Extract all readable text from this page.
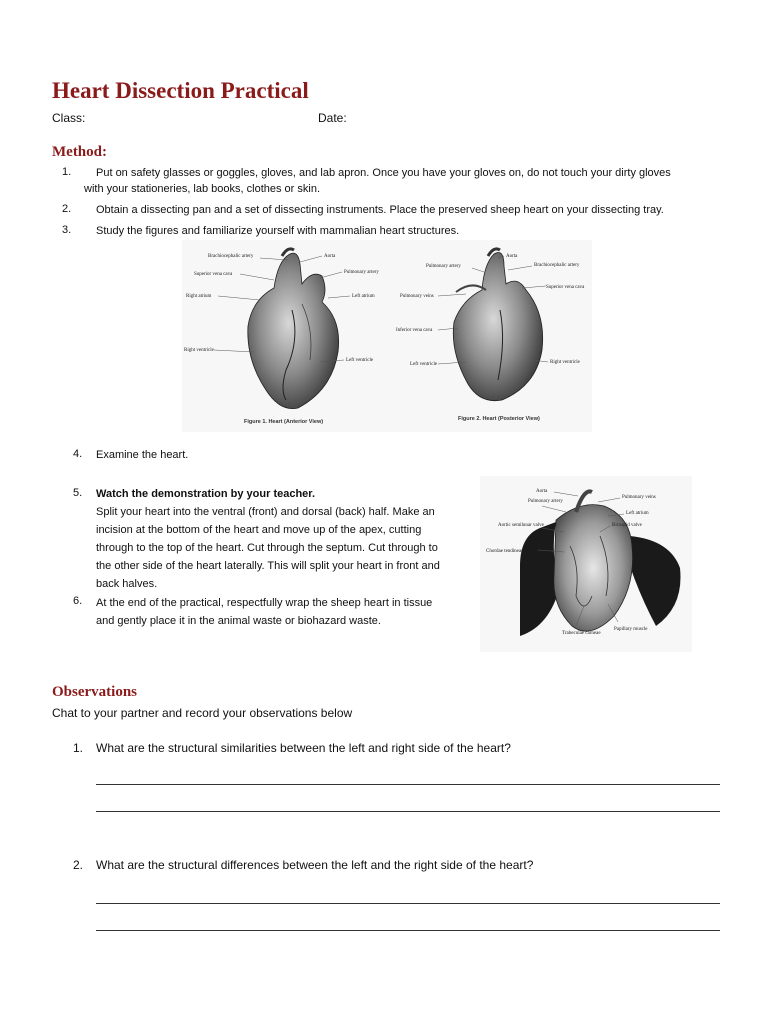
Heart Dissection Practical
Class:	Date:
Method:
1. Put on safety glasses or goggles, gloves, and lab apron. Once you have your gloves on, do not touch your dirty gloves
with your stationeries, lab books, clothes or skin.
2. Obtain a dissecting pan and a set of dissecting instruments. Place the preserved sheep heart on your dissecting tray.
3. Study the figures and familiarize yourself with mammalian heart structures.
Brachiocephalic artery	Aorta
Superior vena cava	Pulmonary artery
Right atrium	Left atrium
Right ventricle
Left ventricle
Figure 1. Heart (Anterior View)
Aorta
Pulmonary artery	Brachiocephalic artery
Superior vena cava
Pulmonary veins
Inferior vena cava
Left ventricle	Right ventricle
Figure 2. Heart (Posterior View)
4. Examine the heart.
5. Watch the demonstration by your teacher.
Split your heart into the ventral (front) and dorsal (back) half. Make an
incision at the bottom of the heart and move up of the apex, cutting
through to the top of the heart. Cut through the septum. Cut through to
the other side of the heart laterally. This will split your heart in front and
back halves.
6. At the end of the practical, respectfully wrap the sheep heart in tissue
and gently place it in the animal waste or biohazard waste.
Aorta
Pulmonary artery
Pulmonary veins
Left atrium
Aortic semilunar valve	Bicuspid valve
Chordae tendineae
Trabeculae carneae
Papillary muscle
Observations
Chat to your partner and record your observations below
1. What are the structural similarities between the left and right side of the heart?
2. What are the structural differences between the left and the right side of the heart?
